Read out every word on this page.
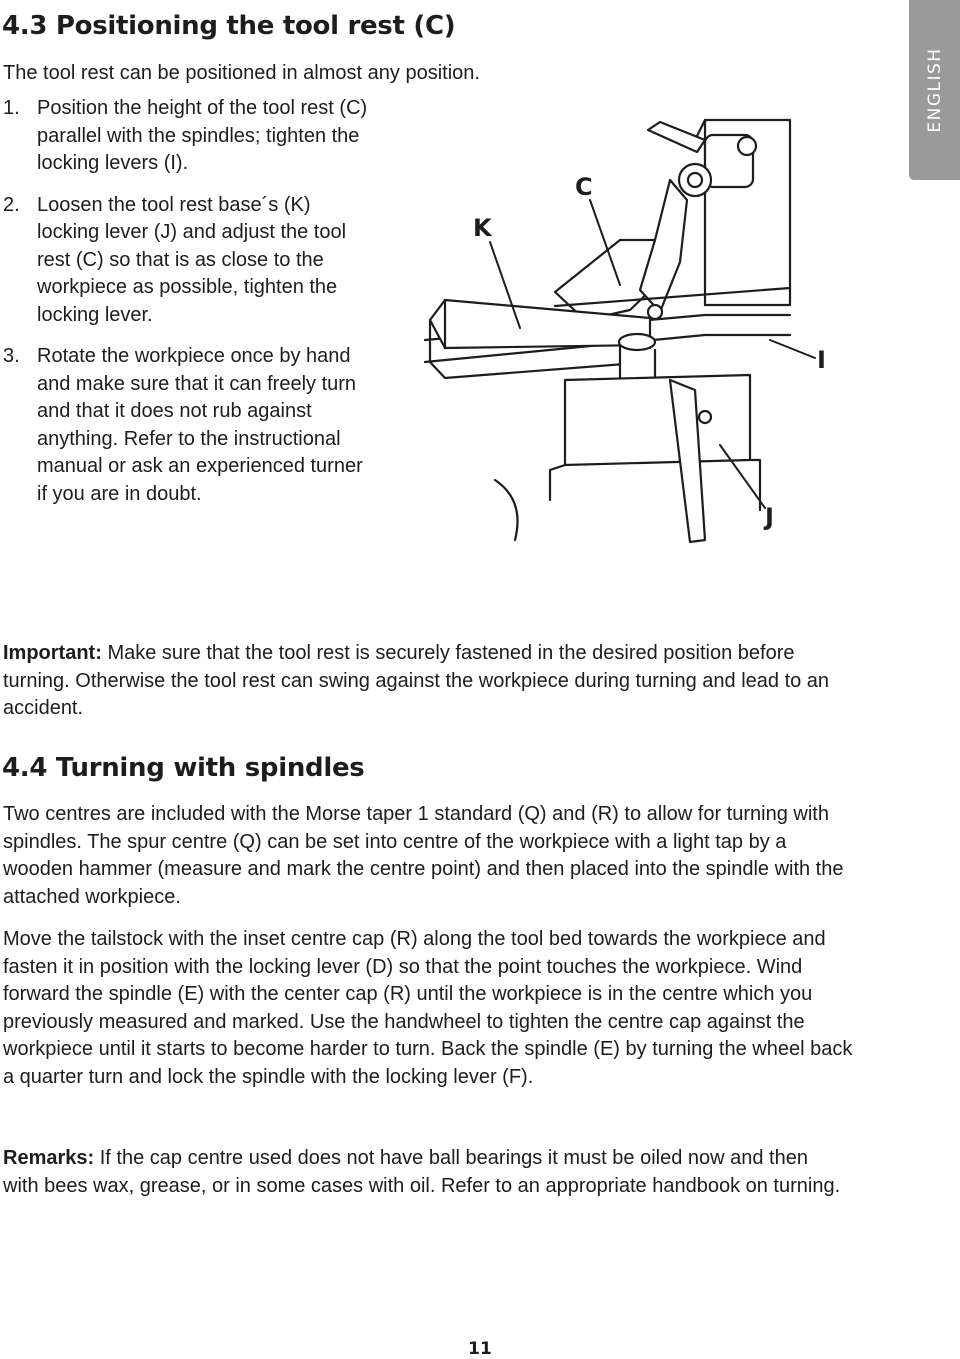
ENGLISH
4.3 Positioning the tool rest (C)

The tool rest can be positioned in almost any position.

1. Position the height of the tool rest (C) parallel with the spindles; tighten the locking levers (I).
2. Loosen the tool rest base´s (K) locking lever (J) and adjust the tool rest (C) so that is as close to the workpiece as possible, tighten the locking lever.
3. Rotate the workpiece once by hand and make sure that it can freely turn and that it does not rub against anything. Refer to the instructional manual or ask an experienced turner if you are in doubt.
K
C
I
J

Important: Make sure that the tool rest is securely fastened in the desired position before turning. Otherwise the tool rest can swing against the workpiece during turning and lead to an accident.

4.4 Turning with spindles

Two centres are included with the Morse taper 1 standard (Q) and (R) to allow for turning with spindles. The spur centre (Q) can be set into centre of the workpiece with a light tap by a wooden hammer (measure and mark the centre point) and then placed into the spindle with the attached workpiece.

Move the tailstock with the inset centre cap (R) along the tool bed towards the workpiece and fasten it in position with the locking lever (D) so that the point touches the workpiece. Wind forward the spindle (E) with the center cap (R) until the workpiece is in the centre which you previously measured and marked. Use the handwheel to tighten the centre cap against the workpiece until it starts to become harder to turn. Back the spindle (E) by turning the wheel back a quarter turn and lock the spindle with the locking lever (F).

Remarks: If the cap centre used does not have ball bearings it must be oiled now and then with bees wax, grease, or in some cases with oil. Refer to an appropriate handbook on turning.

11
